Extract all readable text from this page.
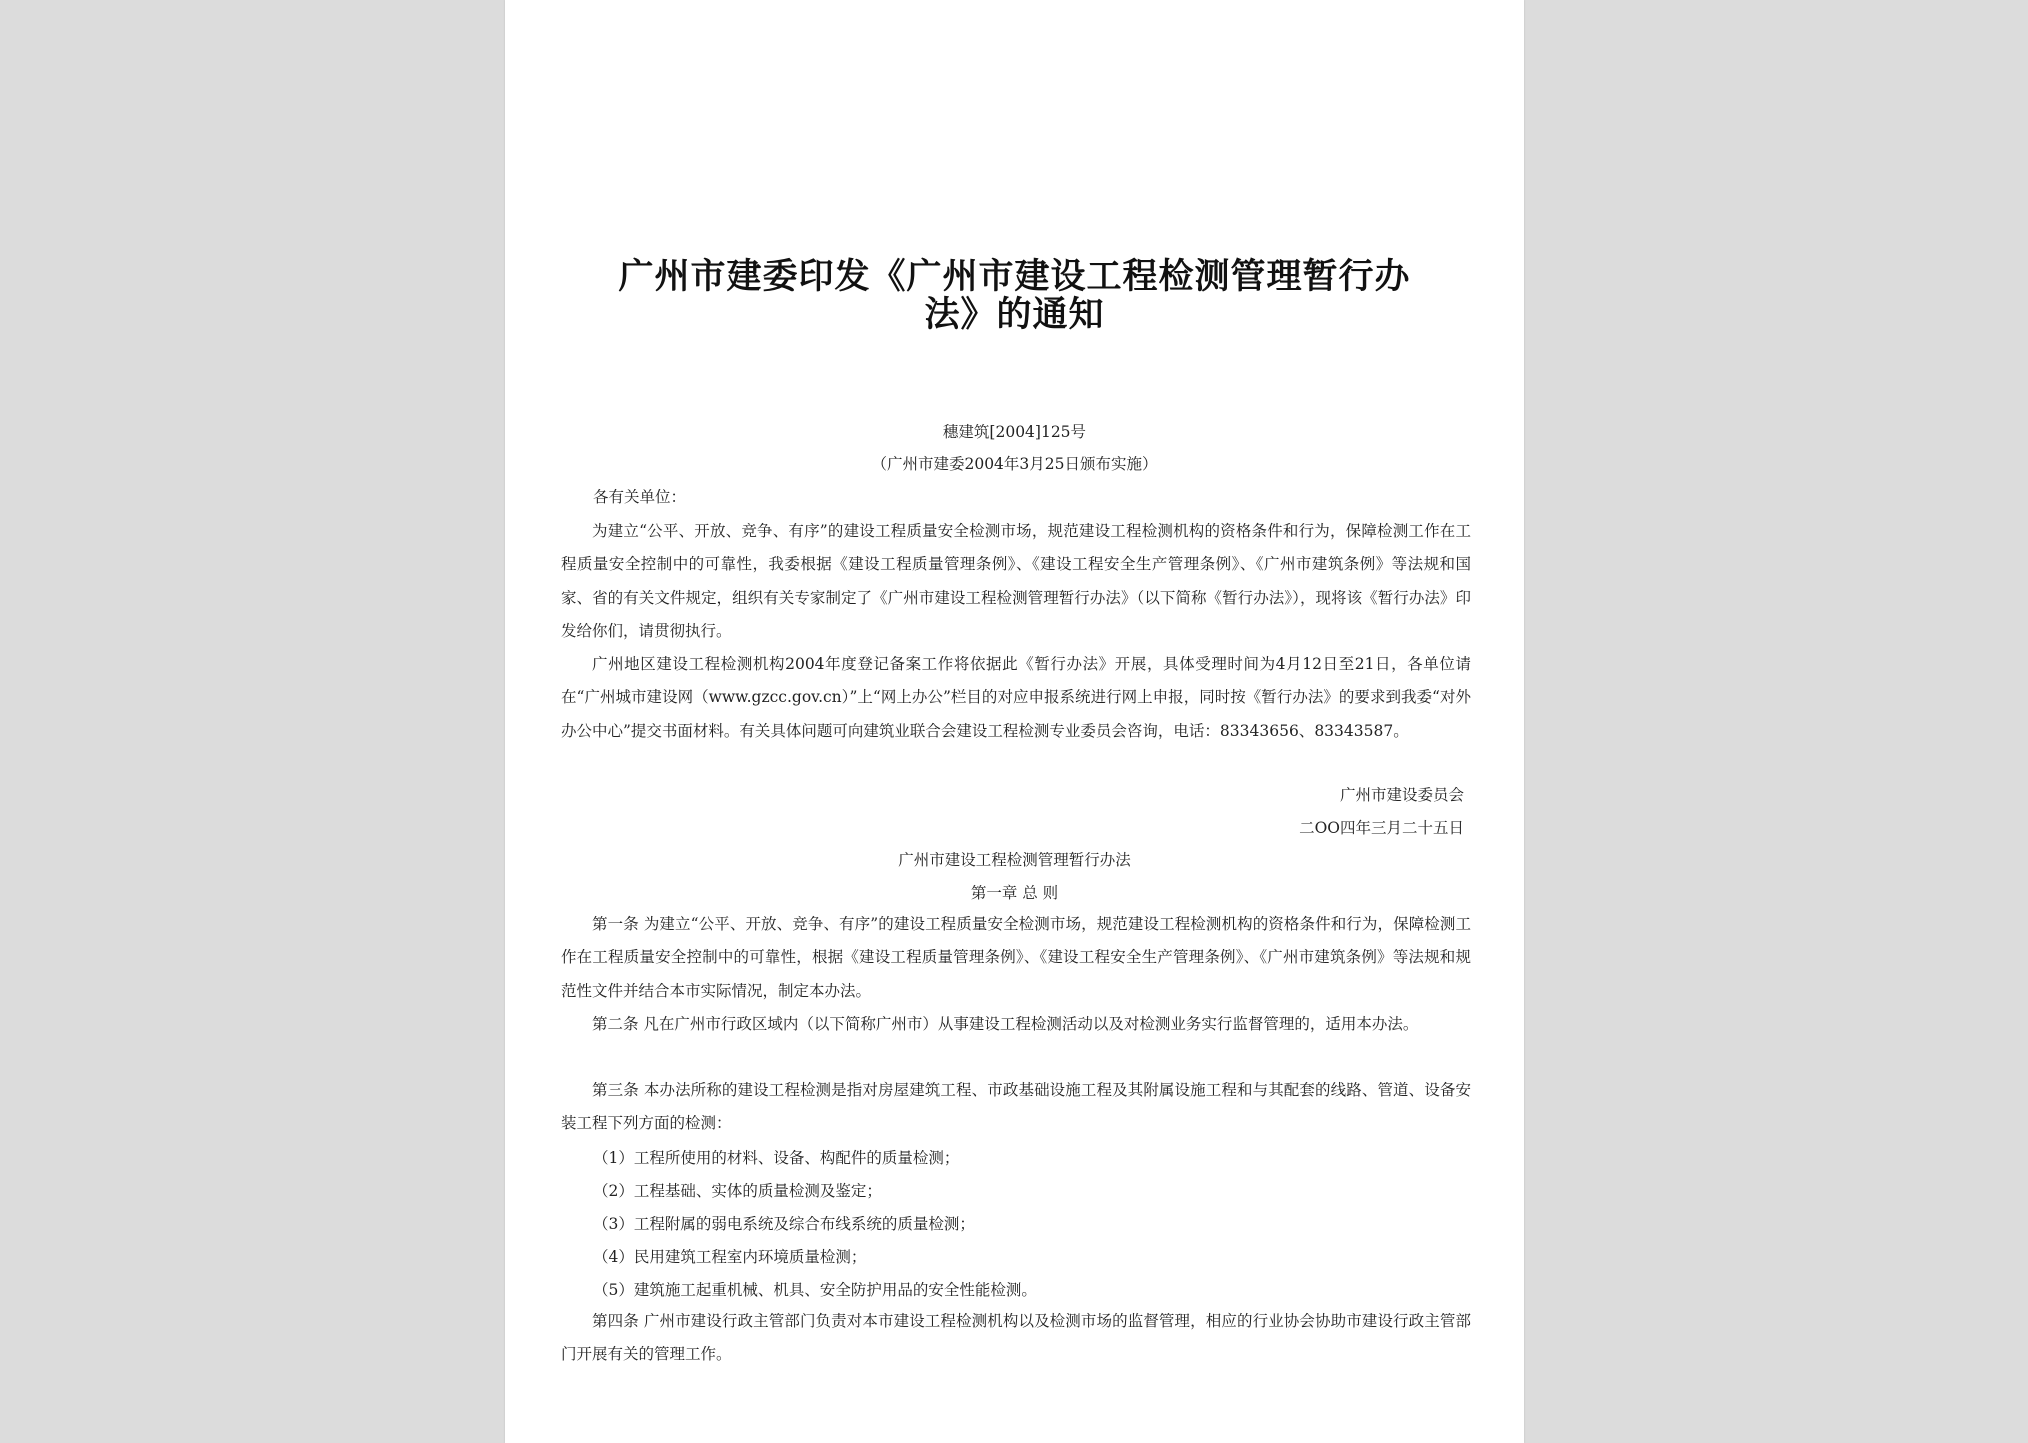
广州市建委印发《广州市建设工程检测管理暂行办
法》的通知
穗建筑[2004]125号
（广州市建委2004年3月25日颁布实施）
各有关单位：
为建立“公平、开放、竞争、有序”的建设工程质量安全检测市场，规范建设工程检测机构的资格条件和行为，保障检测工作在工程质量安全控制中的可靠性，我委根据《建设工程质量管理条例》、《建设工程安全生产管理条例》、《广州市建筑条例》等法规和国家、省的有关文件规定，组织有关专家制定了《广州市建设工程检测管理暂行办法》（以下简称《暂行办法》），现将该《暂行办法》印发给你们，请贯彻执行。
广州地区建设工程检测机构2004年度登记备案工作将依据此《暂行办法》开展，具体受理时间为4月12日至21日，各单位请在“广州城市建设网（www.gzcc.gov.cn）”上“网上办公”栏目的对应申报系统进行网上申报，同时按《暂行办法》的要求到我委“对外办公中心”提交书面材料。有关具体问题可向建筑业联合会建设工程检测专业委员会咨询，电话：83343656、83343587。
广州市建设委员会
二OO四年三月二十五日
广州市建设工程检测管理暂行办法
第一章 总 则
第一条 为建立“公平、开放、竞争、有序”的建设工程质量安全检测市场，规范建设工程检测机构的资格条件和行为，保障检测工作在工程质量安全控制中的可靠性，根据《建设工程质量管理条例》、《建设工程安全生产管理条例》、《广州市建筑条例》等法规和规范性文件并结合本市实际情况，制定本办法。
第二条 凡在广州市行政区域内（以下简称广州市）从事建设工程检测活动以及对检测业务实行监督管理的，适用本办法。
第三条 本办法所称的建设工程检测是指对房屋建筑工程、市政基础设施工程及其附属设施工程和与其配套的线路、管道、设备安装工程下列方面的检测：
（1）工程所使用的材料、设备、构配件的质量检测；
（2）工程基础、实体的质量检测及鉴定；
（3）工程附属的弱电系统及综合布线系统的质量检测；
（4）民用建筑工程室内环境质量检测；
（5）建筑施工起重机械、机具、安全防护用品的安全性能检测。
第四条 广州市建设行政主管部门负责对本市建设工程检测机构以及检测市场的监督管理，相应的行业协会协助市建设行政主管部门开展有关的管理工作。
